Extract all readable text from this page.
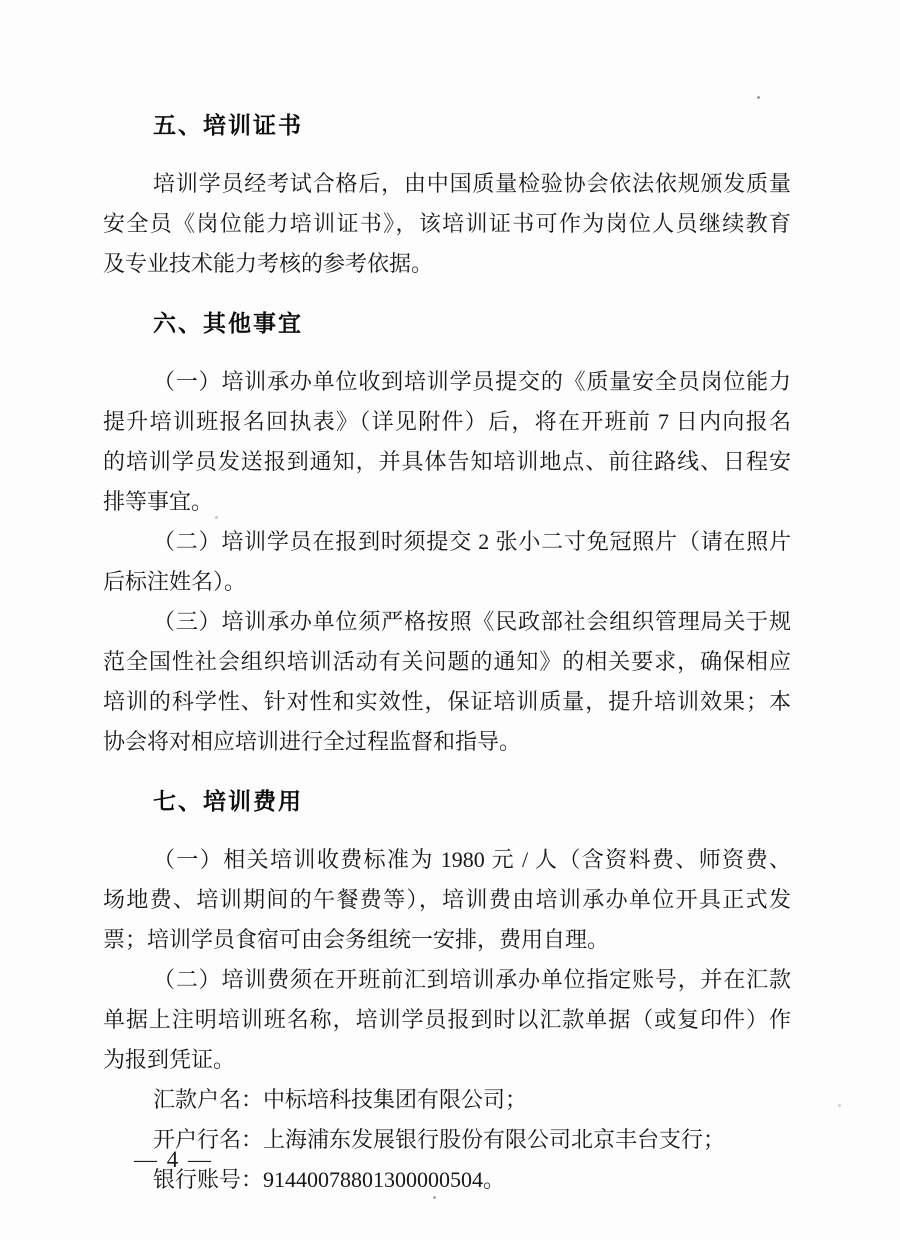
五、培训证书
培训学员经考试合格后，由中国质量检验协会依法依规颁发质量
安全员《岗位能力培训证书》，该培训证书可作为岗位人员继续教育
及专业技术能力考核的参考依据。
六、其他事宜
（一）培训承办单位收到培训学员提交的《质量安全员岗位能力
提升培训班报名回执表》（详见附件）后，将在开班前 7 日内向报名
的培训学员发送报到通知，并具体告知培训地点、前往路线、日程安
排等事宜。
（二）培训学员在报到时须提交 2 张小二寸免冠照片（请在照片
后标注姓名）。
（三）培训承办单位须严格按照《民政部社会组织管理局关于规
范全国性社会组织培训活动有关问题的通知》的相关要求，确保相应
培训的科学性、针对性和实效性，保证培训质量，提升培训效果；本
协会将对相应培训进行全过程监督和指导。
七、培训费用
（一）相关培训收费标准为 1980 元 / 人（含资料费、师资费、
场地费、培训期间的午餐费等），培训费由培训承办单位开具正式发
票；培训学员食宿可由会务组统一安排，费用自理。
（二）培训费须在开班前汇到培训承办单位指定账号，并在汇款
单据上注明培训班名称，培训学员报到时以汇款单据（或复印件）作
为报到凭证。
汇款户名：中标培科技集团有限公司；
开户行名：上海浦东发展银行股份有限公司北京丰台支行；
银行账号：91440078801300000504。
— 4 —
